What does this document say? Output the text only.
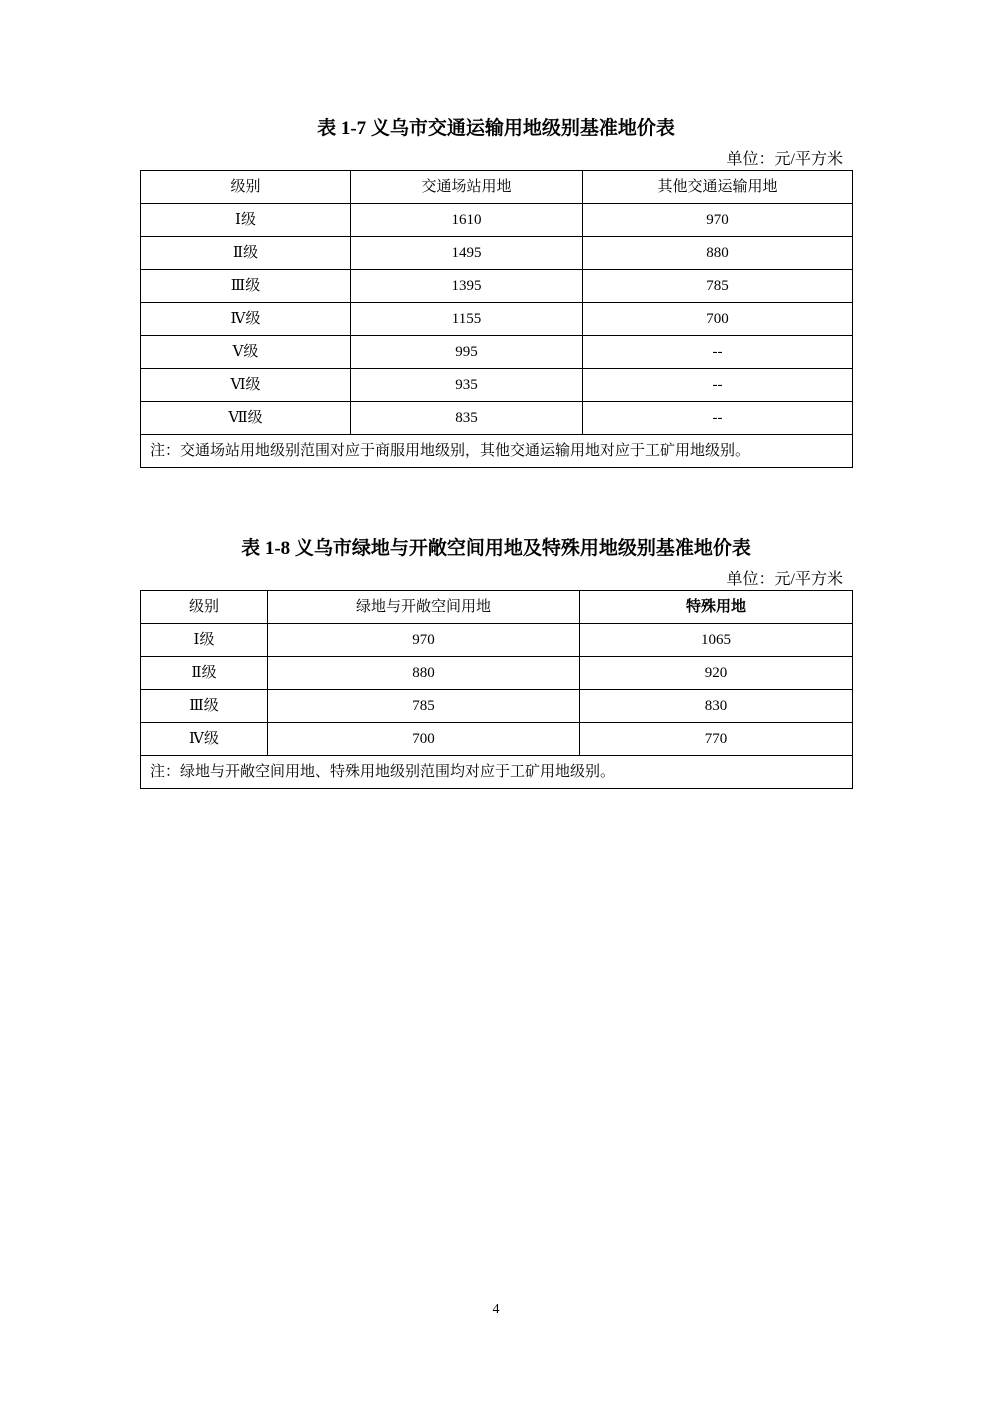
表 1-7 义乌市交通运输用地级别基准地价表
单位：元/平方米
级别	交通场站用地	其他交通运输用地
Ⅰ级	1610	970
Ⅱ级	1495	880
Ⅲ级	1395	785
Ⅳ级	1155	700
Ⅴ级	995	--
Ⅵ级	935	--
Ⅶ级	835	--
注：交通场站用地级别范围对应于商服用地级别，其他交通运输用地对应于工矿用地级别。		
表 1-8 义乌市绿地与开敞空间用地及特殊用地级别基准地价表
单位：元/平方米
级别	绿地与开敞空间用地	特殊用地
Ⅰ级	970	1065
Ⅱ级	880	920
Ⅲ级	785	830
Ⅳ级	700	770
注：绿地与开敞空间用地、特殊用地级别范围均对应于工矿用地级别。		
4
